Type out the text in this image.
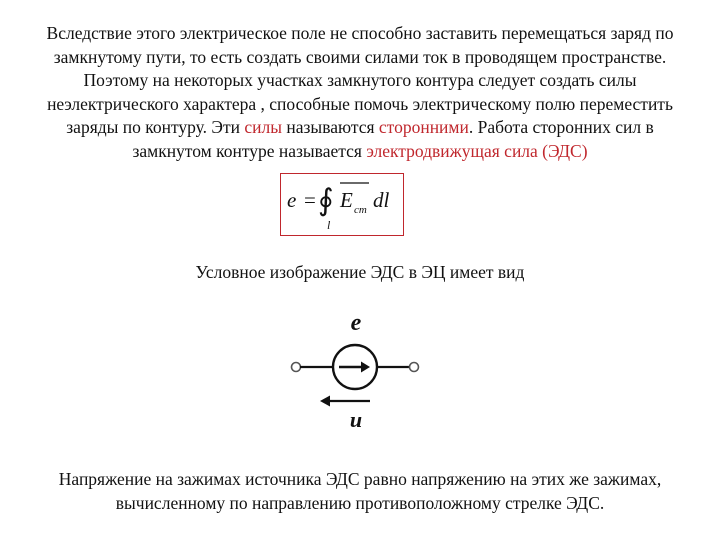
Вследствие этого электрическое поле не способно заставить перемещаться заряд по
замкнутому пути, то есть создать своими силами ток в проводящем пространстве.
Поэтому на некоторых участках замкнутого контура следует создать силы
неэлектрического характера , способные помочь электрическому полю переместить
заряды по контуру. Эти силы называются сторонними. Работа сторонних сил в
замкнутом контуре называется электродвижущая сила (ЭДС)
e = ∮ E cm dl
l
Условное изображение ЭДС в ЭЦ имеет вид
e
u
Напряжение на зажимах источника ЭДС равно напряжению на этих же зажимах,
вычисленному по направлению противоположному стрелке ЭДС.
